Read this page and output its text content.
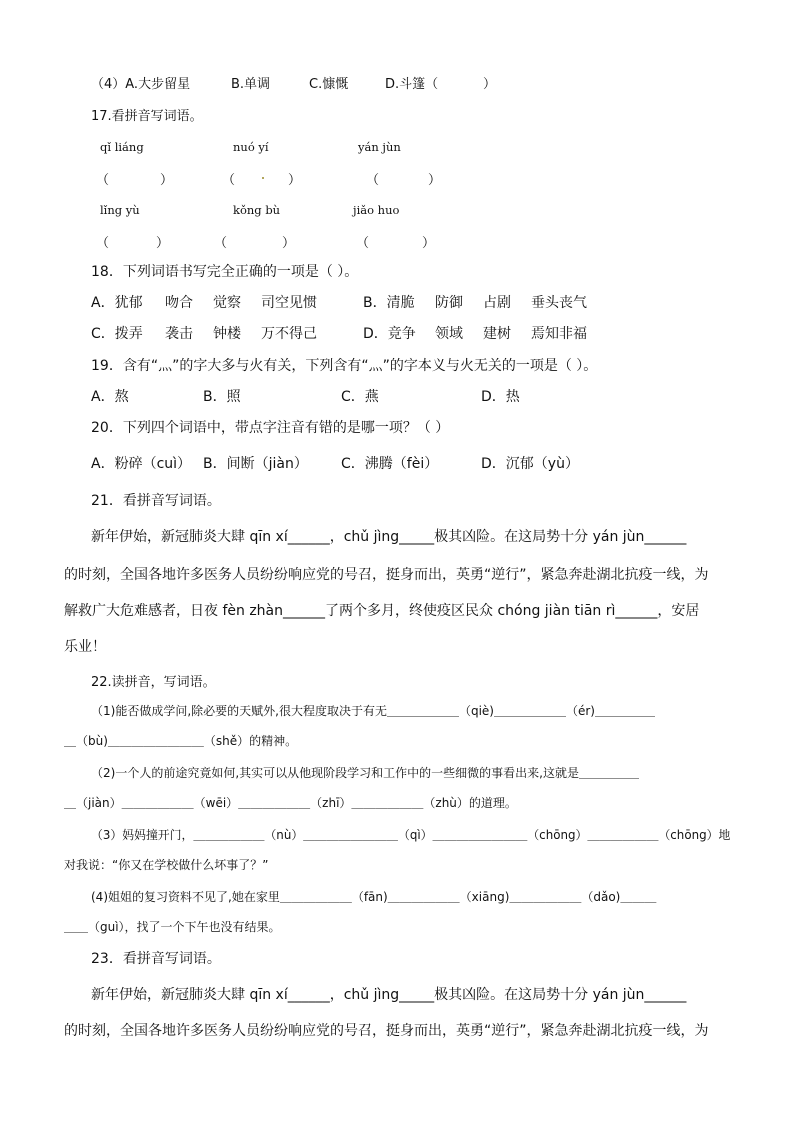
（4）A.大步留星	B.单调	C.慷慨	D.斗篷（	）
17.看拼音写词语。
qǐ liáng	nuó yí	yán jùn
（	）	（	）	（	）
lǐng yù	kǒng bù	jiǎo huo
（	）	（	）	（	）
18．下列词语书写完全正确的一项是（ ）。
A．犹郁 吻合 觉察 司空见惯	B．清脆 防御 占剧 垂头丧气
C．拨弄 袭击 钟楼 万不得己	D．竞争 领域 建树 焉知非福
19．含有“灬”的字大多与火有关，下列含有“灬”的字本义与火无关的一项是（ ）。
A．熬	B．照	C．燕	D．热
20．下列四个词语中，带点字注音有错的是哪一项？（ ）
A．粉碎（cuì） B．间断（jiàn） C．沸腾（fèi）	D．沉郁（yù）
21．看拼音写词语。
新年伊始，新冠肺炎大肆 qīn xí______，chǔ jìng_____极其凶险。在这局势十分 yán jùn______
的时刻，全国各地许多医务人员纷纷响应党的号召，挺身而出，英勇“逆行”，紧急奔赴湖北抗疫一线，为
解救广大危难感者，日夜 fèn zhàn______了两个多月，终使疫区民众 chóng jiàn tiān rì______，安居
乐业！
22.读拼音，写词语。
（1)能否做成学问,除必要的天赋外,很大程度取决于有无＿＿＿＿＿＿（qiè)＿＿＿＿＿＿（ér)＿＿＿＿＿
＿（bù)＿＿＿＿＿＿＿＿（shě）的精神。
（2)一个人的前途究竟如何,其实可以从他现阶段学习和工作中的一些细微的事看出来,这就是＿＿＿＿＿
＿（jiàn）＿＿＿＿＿＿（wēi）＿＿＿＿＿＿（zhī）＿＿＿＿＿＿（zhù）的道理。
（3）妈妈撞开门，＿＿＿＿＿＿（nù）＿＿＿＿＿＿＿＿（qì）＿＿＿＿＿＿＿＿（chōng）＿＿＿＿＿＿（chōng）地
对我说：“你又在学校做什么坏事了？”
(4)姐姐的复习资料不见了,她在家里＿＿＿＿＿＿（fān)＿＿＿＿＿＿（xiāng)＿＿＿＿＿＿（dǎo)＿＿＿
＿＿（guì），找了一个下午也没有结果。
23．看拼音写词语。
新年伊始，新冠肺炎大肆 qīn xí______，chǔ jìng_____极其凶险。在这局势十分 yán jùn______
的时刻，全国各地许多医务人员纷纷响应党的号召，挺身而出，英勇“逆行”，紧急奔赴湖北抗疫一线，为
